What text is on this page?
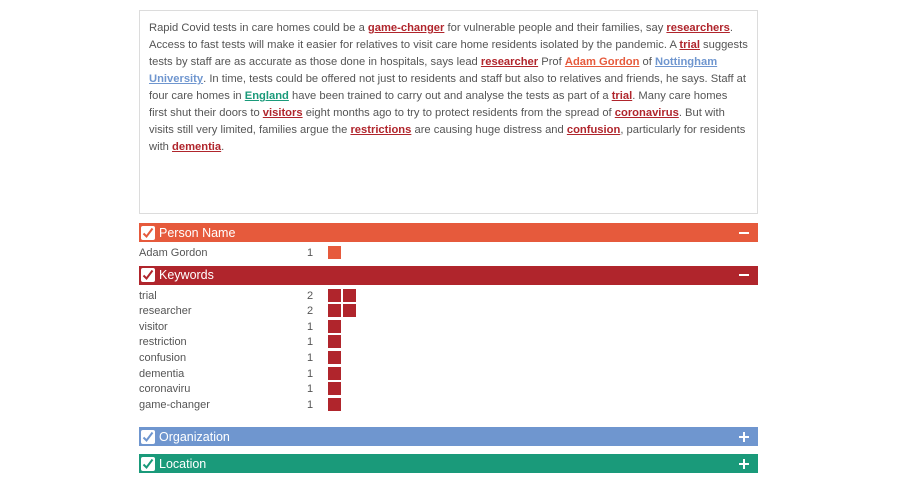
Rapid Covid tests in care homes could be a game-changer for vulnerable people and their families, say researchers. Access to fast tests will make it easier for relatives to visit care home residents isolated by the pandemic. A trial suggests tests by staff are as accurate as those done in hospitals, says lead researcher Prof Adam Gordon of Nottingham University. In time, tests could be offered not just to residents and staff but also to relatives and friends, he says. Staff at four care homes in England have been trained to carry out and analyse the tests as part of a trial. Many care homes first shut their doors to visitors eight months ago to try to protect residents from the spread of coronavirus. But with visits still very limited, families argue the restrictions are causing huge distress and confusion, particularly for residents with dementia.
Person Name
Adam Gordon	1
Keywords
trial	2
researcher	2
visitor	1
restriction	1
confusion	1
dementia	1
coronaviru	1
game-changer	1
Organization
Location
